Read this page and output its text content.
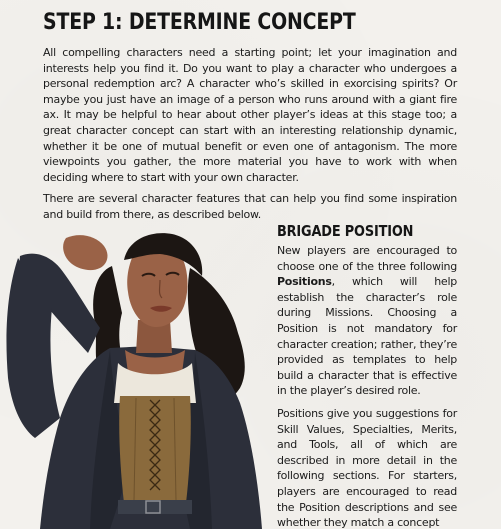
STEP 1: DETERMINE CONCEPT

All compelling characters need a starting point; let your imagination and interests help you find it. Do you want to play a character who undergoes a personal redemption arc? A character who’s skilled in exorcising spirits? Or maybe you just have an image of a person who runs around with a giant fire ax. It may be helpful to hear about other player’s ideas at this stage too; a great character concept can start with an interesting relationship dynamic, whether it be one of mutual benefit or even one of antagonism. The more viewpoints you gather, the more material you have to work with when deciding where to start with your own character.

There are several character features that can help you find some inspiration and build from there, as described below.

BRIGADE POSITION

New players are encouraged to choose one of the three following Positions, which will help establish the character’s role during Missions. Choosing a Position is not mandatory for character creation; rather, they’re provided as templates to help build a character that is effective in the player’s desired role.

Positions give you suggestions for Skill Values, Specialties, Merits, and Tools, all of which are described in more detail in the following sections. For starters, players are encouraged to read the Position descriptions and see whether they match a concept
